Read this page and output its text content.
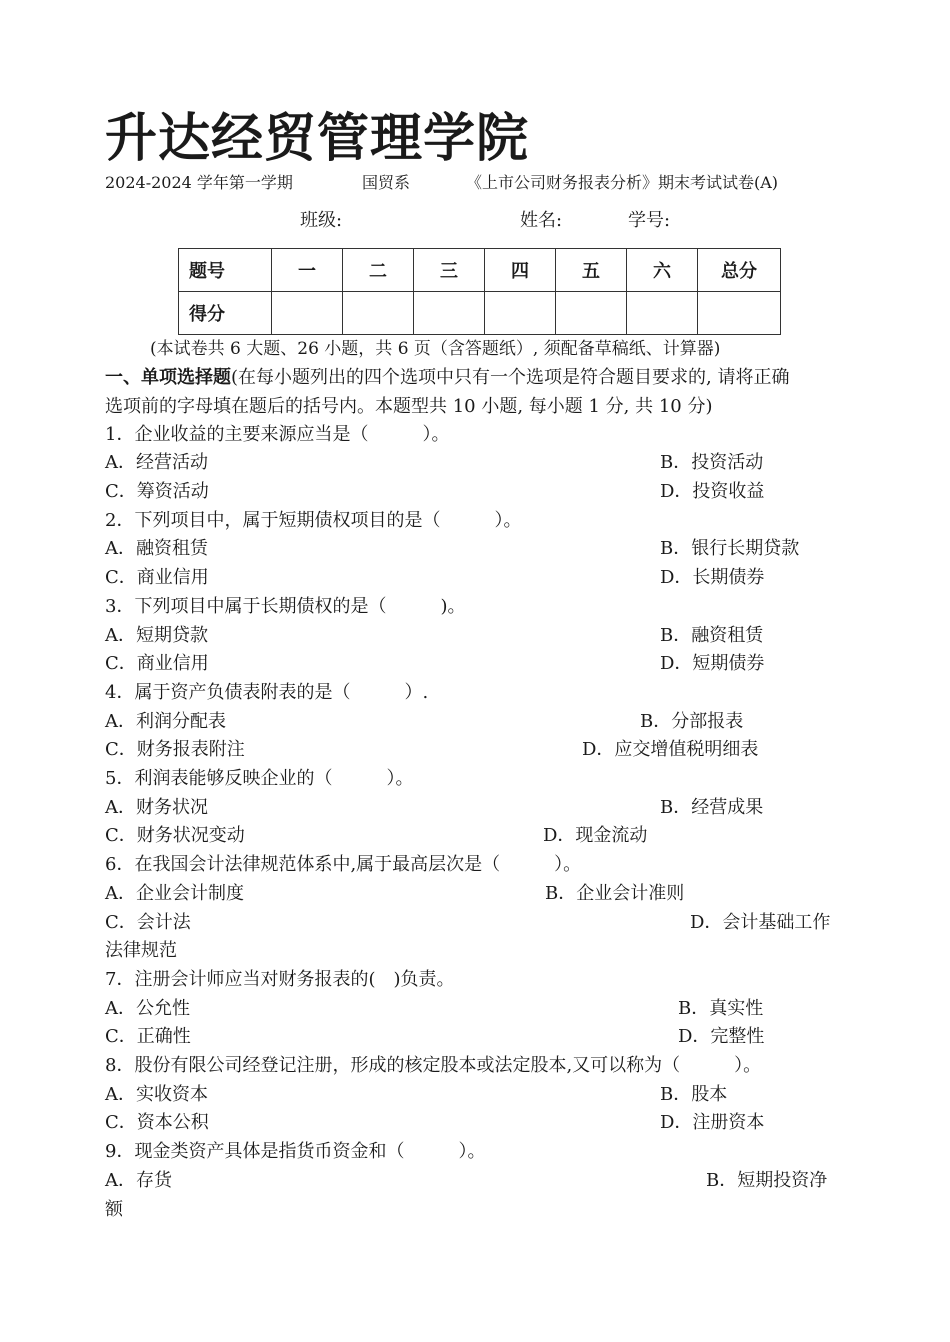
升达经贸管理学院
2024-2024 学年第一学期	国贸系	《上市公司财务报表分析》期末考试试卷(A)
班级:	姓名:	学号:
题号	一	二	三	四	五	六	总分
得分							
(本试卷共 6 大题、26 小题，共 6 页（含答题纸）, 须配备草稿纸、计算器)
一、单项选择题(在每小题列出的四个选项中只有一个选项是符合题目要求的, 请将正确
选项前的字母填在题后的括号内。本题型共 10 小题, 每小题 1 分, 共 10 分)
1．企业收益的主要来源应当是（　　　）。
A．经营活动	B．投资活动
C．筹资活动	D．投资收益
2．下列项目中，属于短期债权项目的是（　　　）。
A．融资租赁	B．银行长期贷款
C．商业信用	D．长期债券
3．下列项目中属于长期债权的是（　　　)。
A．短期贷款	B．融资租赁
C．商业信用	D．短期债券
4．属于资产负债表附表的是（　　　）.
A．利润分配表	B．分部报表
C．财务报表附注	D．应交增值税明细表
5．利润表能够反映企业的（　　　）。
A．财务状况	B．经营成果
C．财务状况变动	D．现金流动
6．在我国会计法律规范体系中,属于最高层次是（　　　）。
A．企业会计制度	B．企业会计准则
C．会计法	D．会计基础工作
法律规范
7．注册会计师应当对财务报表的(　)负责。
A．公允性	B．真实性
C．正确性	D．完整性
8．股份有限公司经登记注册，形成的核定股本或法定股本,又可以称为（　　　）。
A．实收资本	B．股本
C．资本公积	D．注册资本
9．现金类资产具体是指货币资金和（　　　）。
A．存货	B．短期投资净
额
